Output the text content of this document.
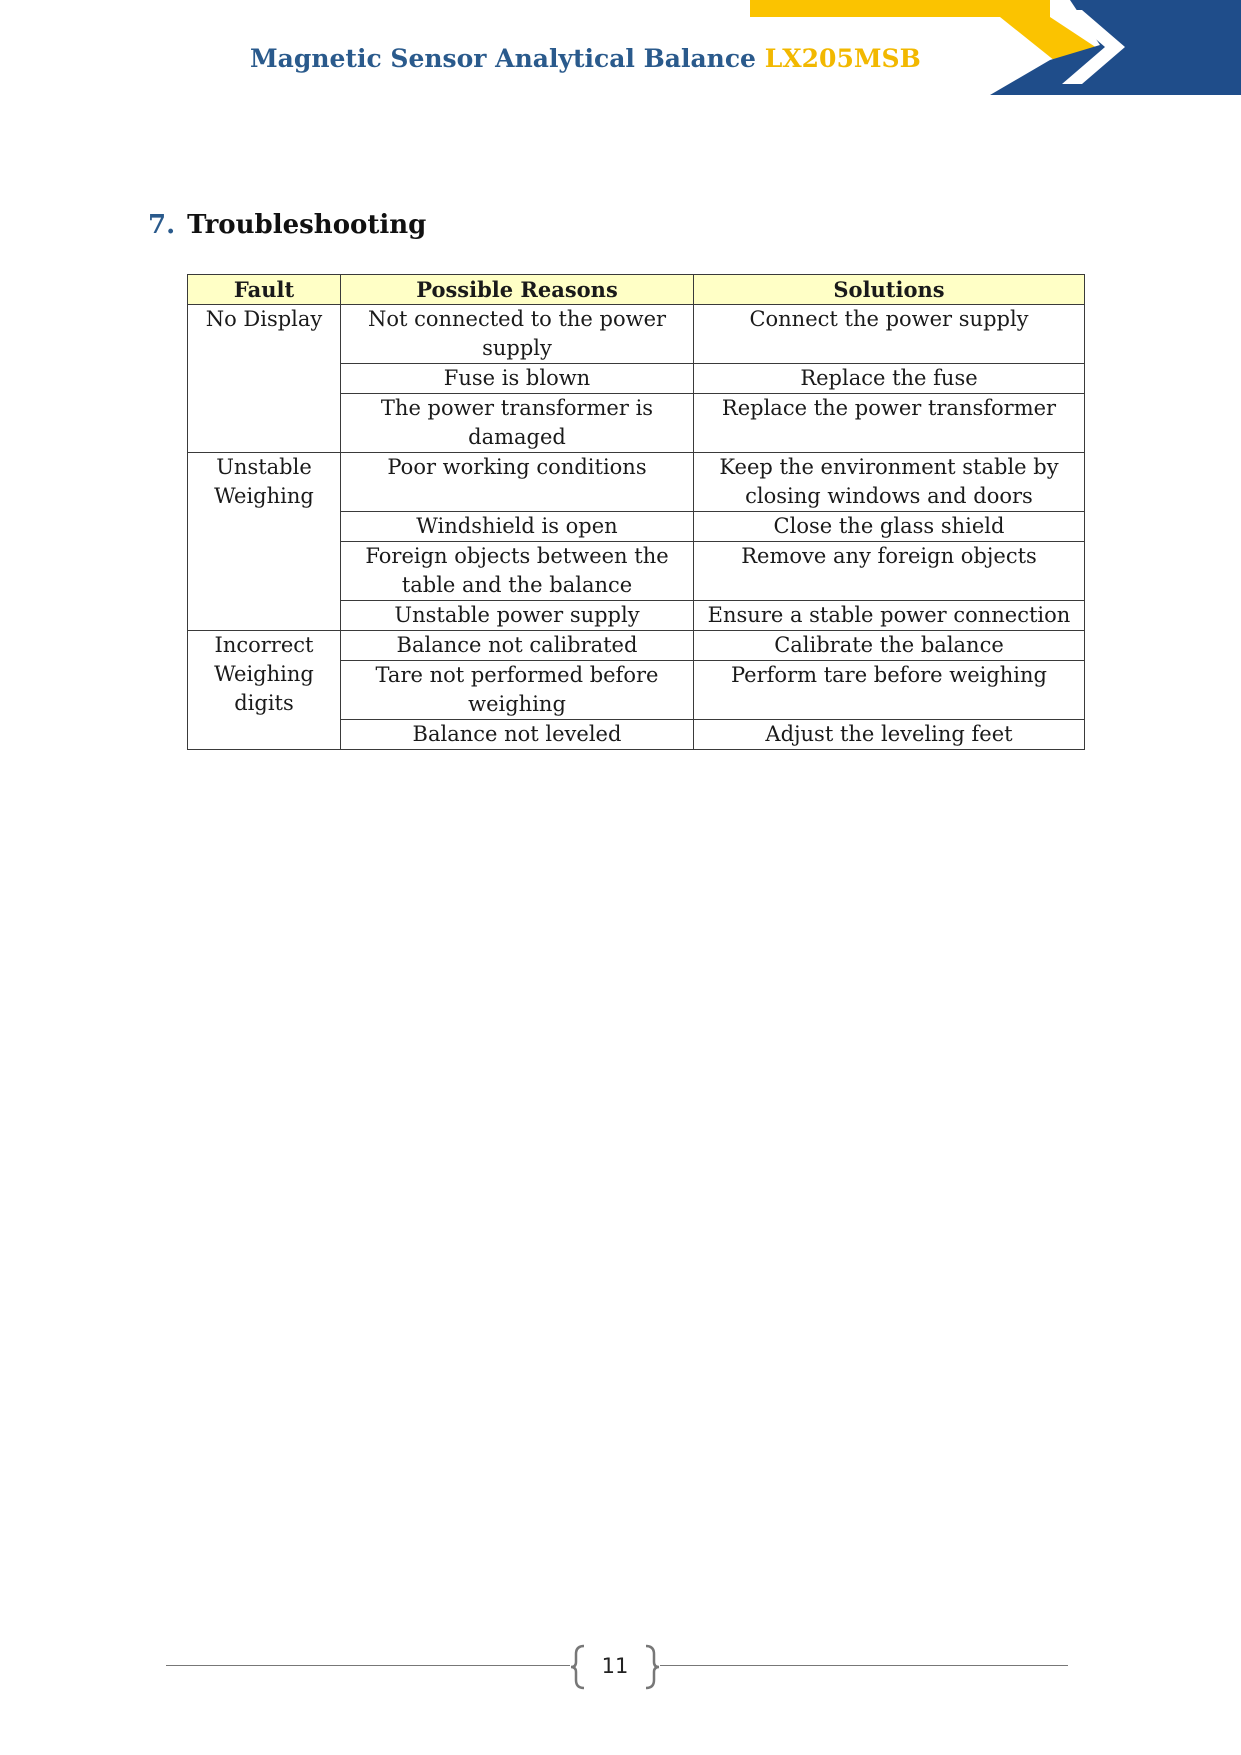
Magnetic Sensor Analytical Balance LX205MSB
7. Troubleshooting
Fault	Possible Reasons	Solutions
No Display	Not connected to the power supply	Connect the power supply
	Fuse is blown	Replace the fuse
	The power transformer is damaged	Replace the power transformer
Unstable Weighing	Poor working conditions	Keep the environment stable by closing windows and doors
	Windshield is open	Close the glass shield
	Foreign objects between the table and the balance	Remove any foreign objects
	Unstable power supply	Ensure a stable power connection
Incorrect Weighing digits	Balance not calibrated	Calibrate the balance
	Tare not performed before weighing	Perform tare before weighing
	Balance not leveled	Adjust the leveling feet
11
